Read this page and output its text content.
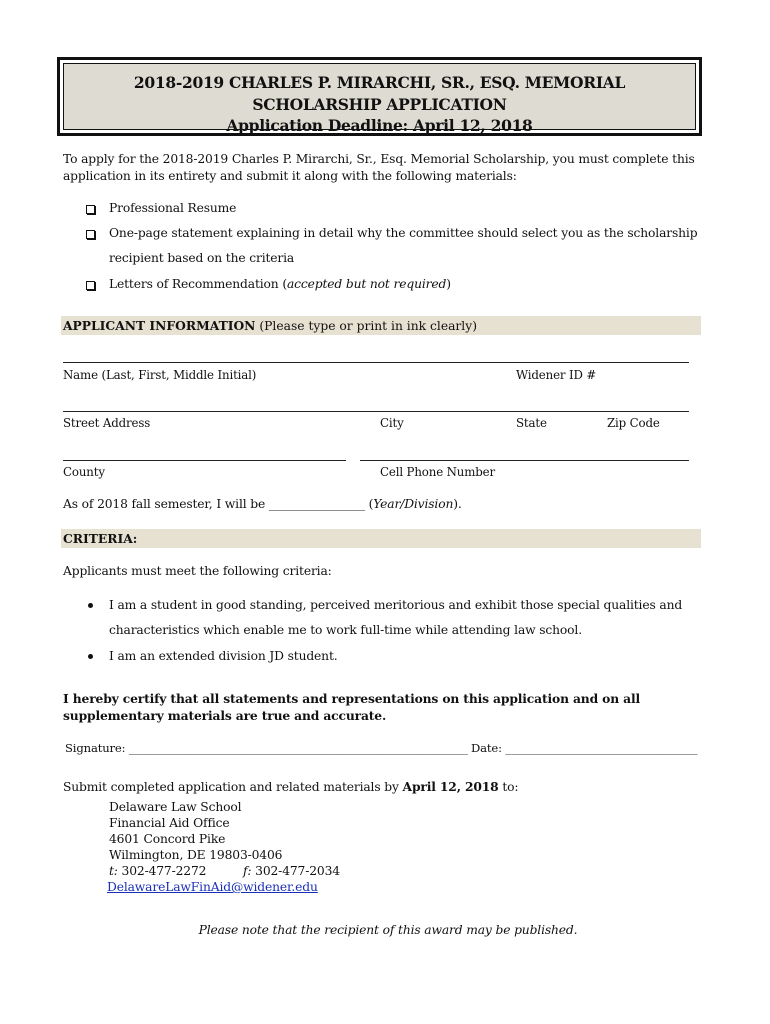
2018-2019 CHARLES P. MIRARCHI, SR., ESQ. MEMORIAL
SCHOLARSHIP APPLICATION
Application Deadline: April 12, 2018
To apply for the 2018-2019 Charles P. Mirarchi, Sr., Esq. Memorial Scholarship, you must complete this
application in its entirety and submit it along with the following materials:
Professional Resume
One-page statement explaining in detail why the committee should select you as the scholarship
recipient based on the criteria
Letters of Recommendation (accepted but not required)
APPLICANT INFORMATION (Please type or print in ink clearly)
Name (Last, First, Middle Initial)	Widener ID #
Street Address	City	State	Zip Code
County	Cell Phone Number
As of 2018 fall semester, I will be ________________ (Year/Division).
CRITERIA:
Applicants must meet the following criteria:
I am a student in good standing, perceived meritorious and exhibit those special qualities and
characteristics which enable me to work full-time while attending law school.
I am an extended division JD student.
I hereby certify that all statements and representations on this application and on all
supplementary materials are true and accurate.
Signature: ____________________________________________________________ Date: __________________________________
Submit completed application and related materials by April 12, 2018 to:
Delaware Law School
Financial Aid Office
4601 Concord Pike
Wilmington, DE 19803-0406
t: 302-477-2272	f: 302-477-2034
DelawareLawFinAid@widener.edu
Please note that the recipient of this award may be published.
